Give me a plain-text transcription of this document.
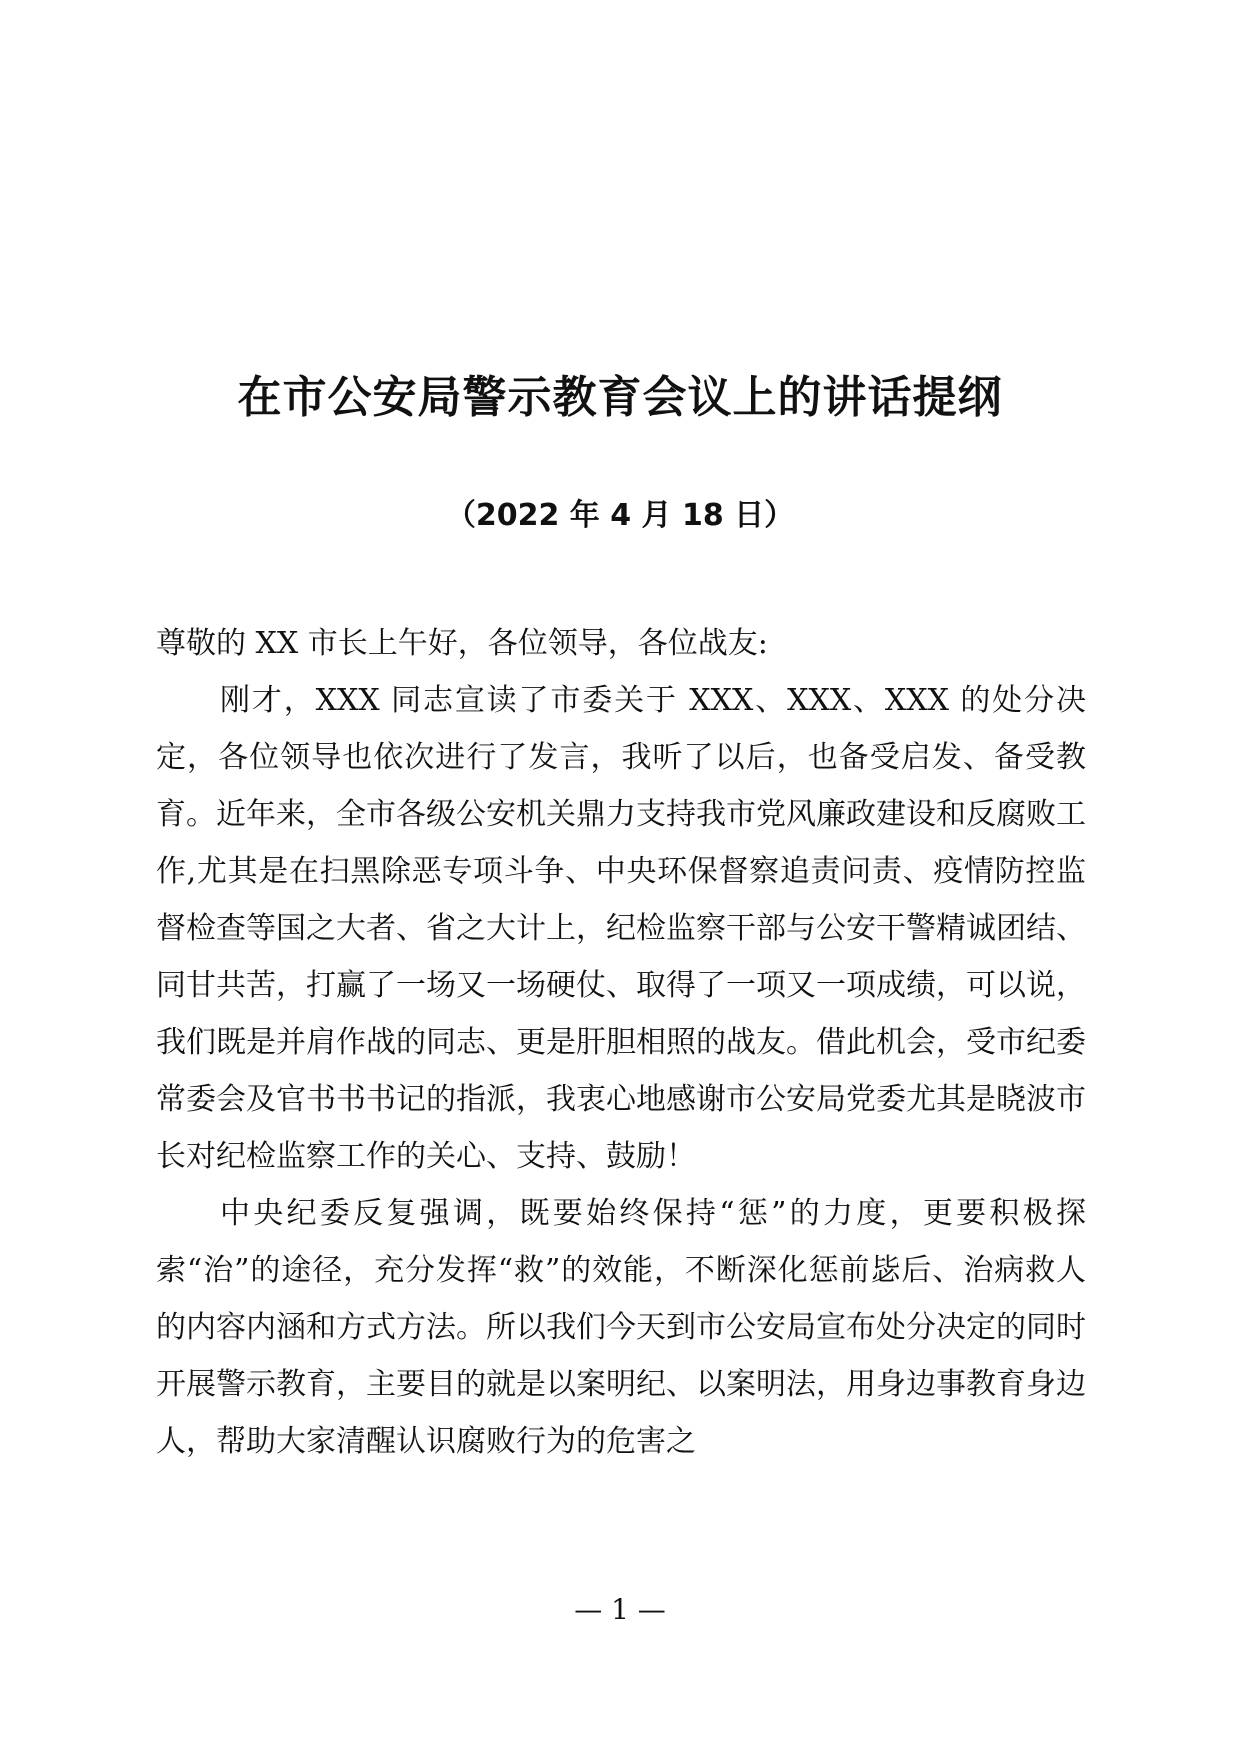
在市公安局警示教育会议上的讲话提纲
（2022 年 4 月 18 日）

尊敬的 XX 市长上午好，各位领导，各位战友:

刚才，XXX 同志宣读了市委关于 XXX、XXX、XXX 的处分决定，各位领导也依次进行了发言，我听了以后，也备受启发、备受教育。近年来，全市各级公安机关鼎力支持我市党风廉政建设和反腐败工作,尤其是在扫黑除恶专项斗争、中央环保督察追责问责、疫情防控监督检查等国之大者、省之大计上，纪检监察干部与公安干警精诚团结、同甘共苦，打赢了一场又一场硬仗、取得了一项又一项成绩，可以说，我们既是并肩作战的同志、更是肝胆相照的战友。借此机会，受市纪委常委会及官书书书记的指派，我衷心地感谢市公安局党委尤其是晓波市长对纪检监察工作的关心、支持、鼓励！

中央纪委反复强调，既要始终保持“惩”的力度，更要积极探索“治”的途径，充分发挥“救”的效能，不断深化惩前毖后、治病救人的内容内涵和方式方法。所以我们今天到市公安局宣布处分决定的同时开展警示教育，主要目的就是以案明纪、以案明法，用身边事教育身边人，帮助大家清醒认识腐败行为的危害之

— 1 —
